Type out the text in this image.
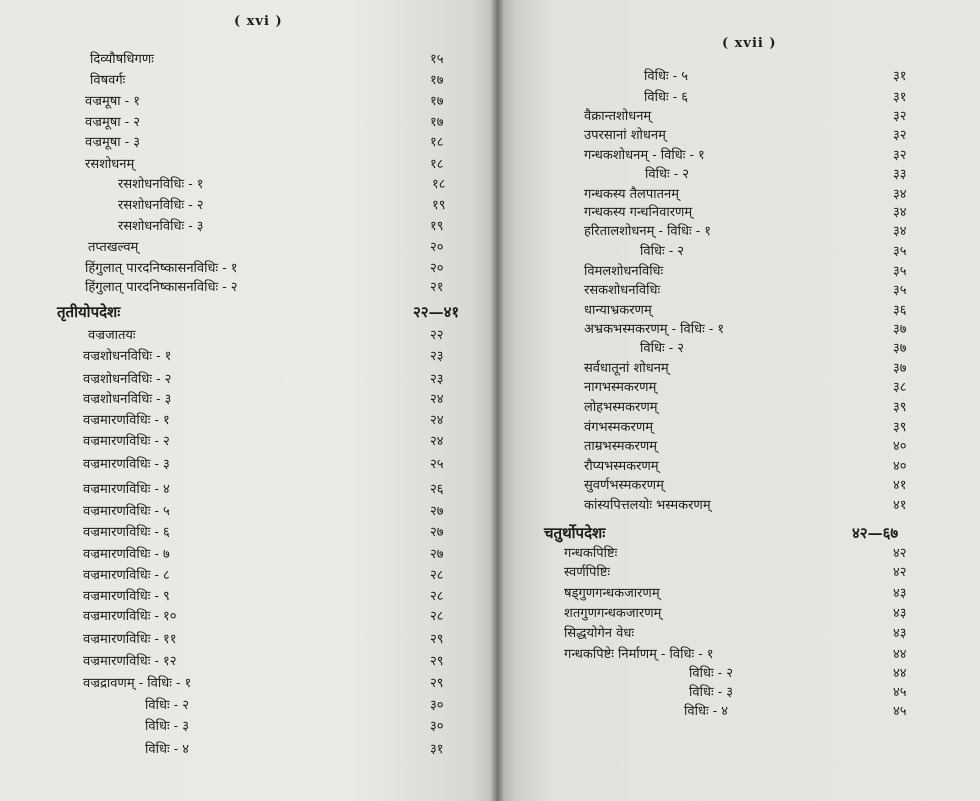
( xvi )
दिव्यौषधिगणः	१५
विषवर्गः	१७
वज्रमूषा - १	१७
वज्रमूषा - २	१७
वज्रमूषा - ३	१८
रसशोधनम्	१८
रसशोधनविधिः - १	१८
रसशोधनविधिः - २	१९
रसशोधनविधिः - ३	१९
तप्तखल्वम्	२०
हिंगुलात् पारदनिष्कासनविधिः - १	२०
हिंगुलात् पारदनिष्कासनविधिः - २	२१
तृतीयोपदेशः	२२—४१
वज्रजातयः	२२
वज्रशोधनविधिः - १	२३
वज्रशोधनविधिः - २	२३
वज्रशोधनविधिः - ३	२४
वज्रमारणविधिः - १	२४
वज्रमारणविधिः - २	२४
वज्रमारणविधिः - ३	२५
वज्रमारणविधिः - ४	२६
वज्रमारणविधिः - ५	२७
वज्रमारणविधिः - ६	२७
वज्रमारणविधिः - ७	२७
वज्रमारणविधिः - ८	२८
वज्रमारणविधिः - ९	२८
वज्रमारणविधिः - १०	२८
वज्रमारणविधिः - ११	२९
वज्रमारणविधिः - १२	२९
वज्रद्रावणम् - विधिः - १	२९
विधिः - २	३०
विधिः - ३	३०
विधिः - ४	३१
( xvii )
विधिः - ५	३१
विधिः - ६	३१
वैक्रान्तशोधनम्	३२
उपरसानां शोधनम्	३२
गन्धकशोधनम् - विधिः - १	३२
विधिः - २	३३
गन्धकस्य तैलपातनम्	३४
गन्धकस्य गन्धनिवारणम्	३४
हरितालशोधनम् - विधिः - १	३४
विधिः - २	३५
विमलशोधनविधिः	३५
रसकशोधनविधिः	३५
धान्याभ्रकरणम्	३६
अभ्रकभस्मकरणम् - विधिः - १	३७
विधिः - २	३७
सर्वधातूनां शोधनम्	३७
नागभस्मकरणम्	३८
लोहभस्मकरणम्	३९
वंगभस्मकरणम्	३९
ताम्रभस्मकरणम्	४०
रौप्यभस्मकरणम्	४०
सुवर्णभस्मकरणम्	४१
कांस्यपित्तलयोः भस्मकरणम्	४१
चतुर्थोपदेशः	४२—६७
गन्धकपिष्टिः	४२
स्वर्णपिष्टिः	४२
षड्गुणगन्धकजारणम्	४३
शतगुणगन्धकजारणम्	४३
सिद्धयोगेन वेधः	४३
गन्धकपिष्टेः निर्माणम् - विधिः - १	४४
विधिः - २	४४
विधिः - ३	४५
विधिः - ४	४५
